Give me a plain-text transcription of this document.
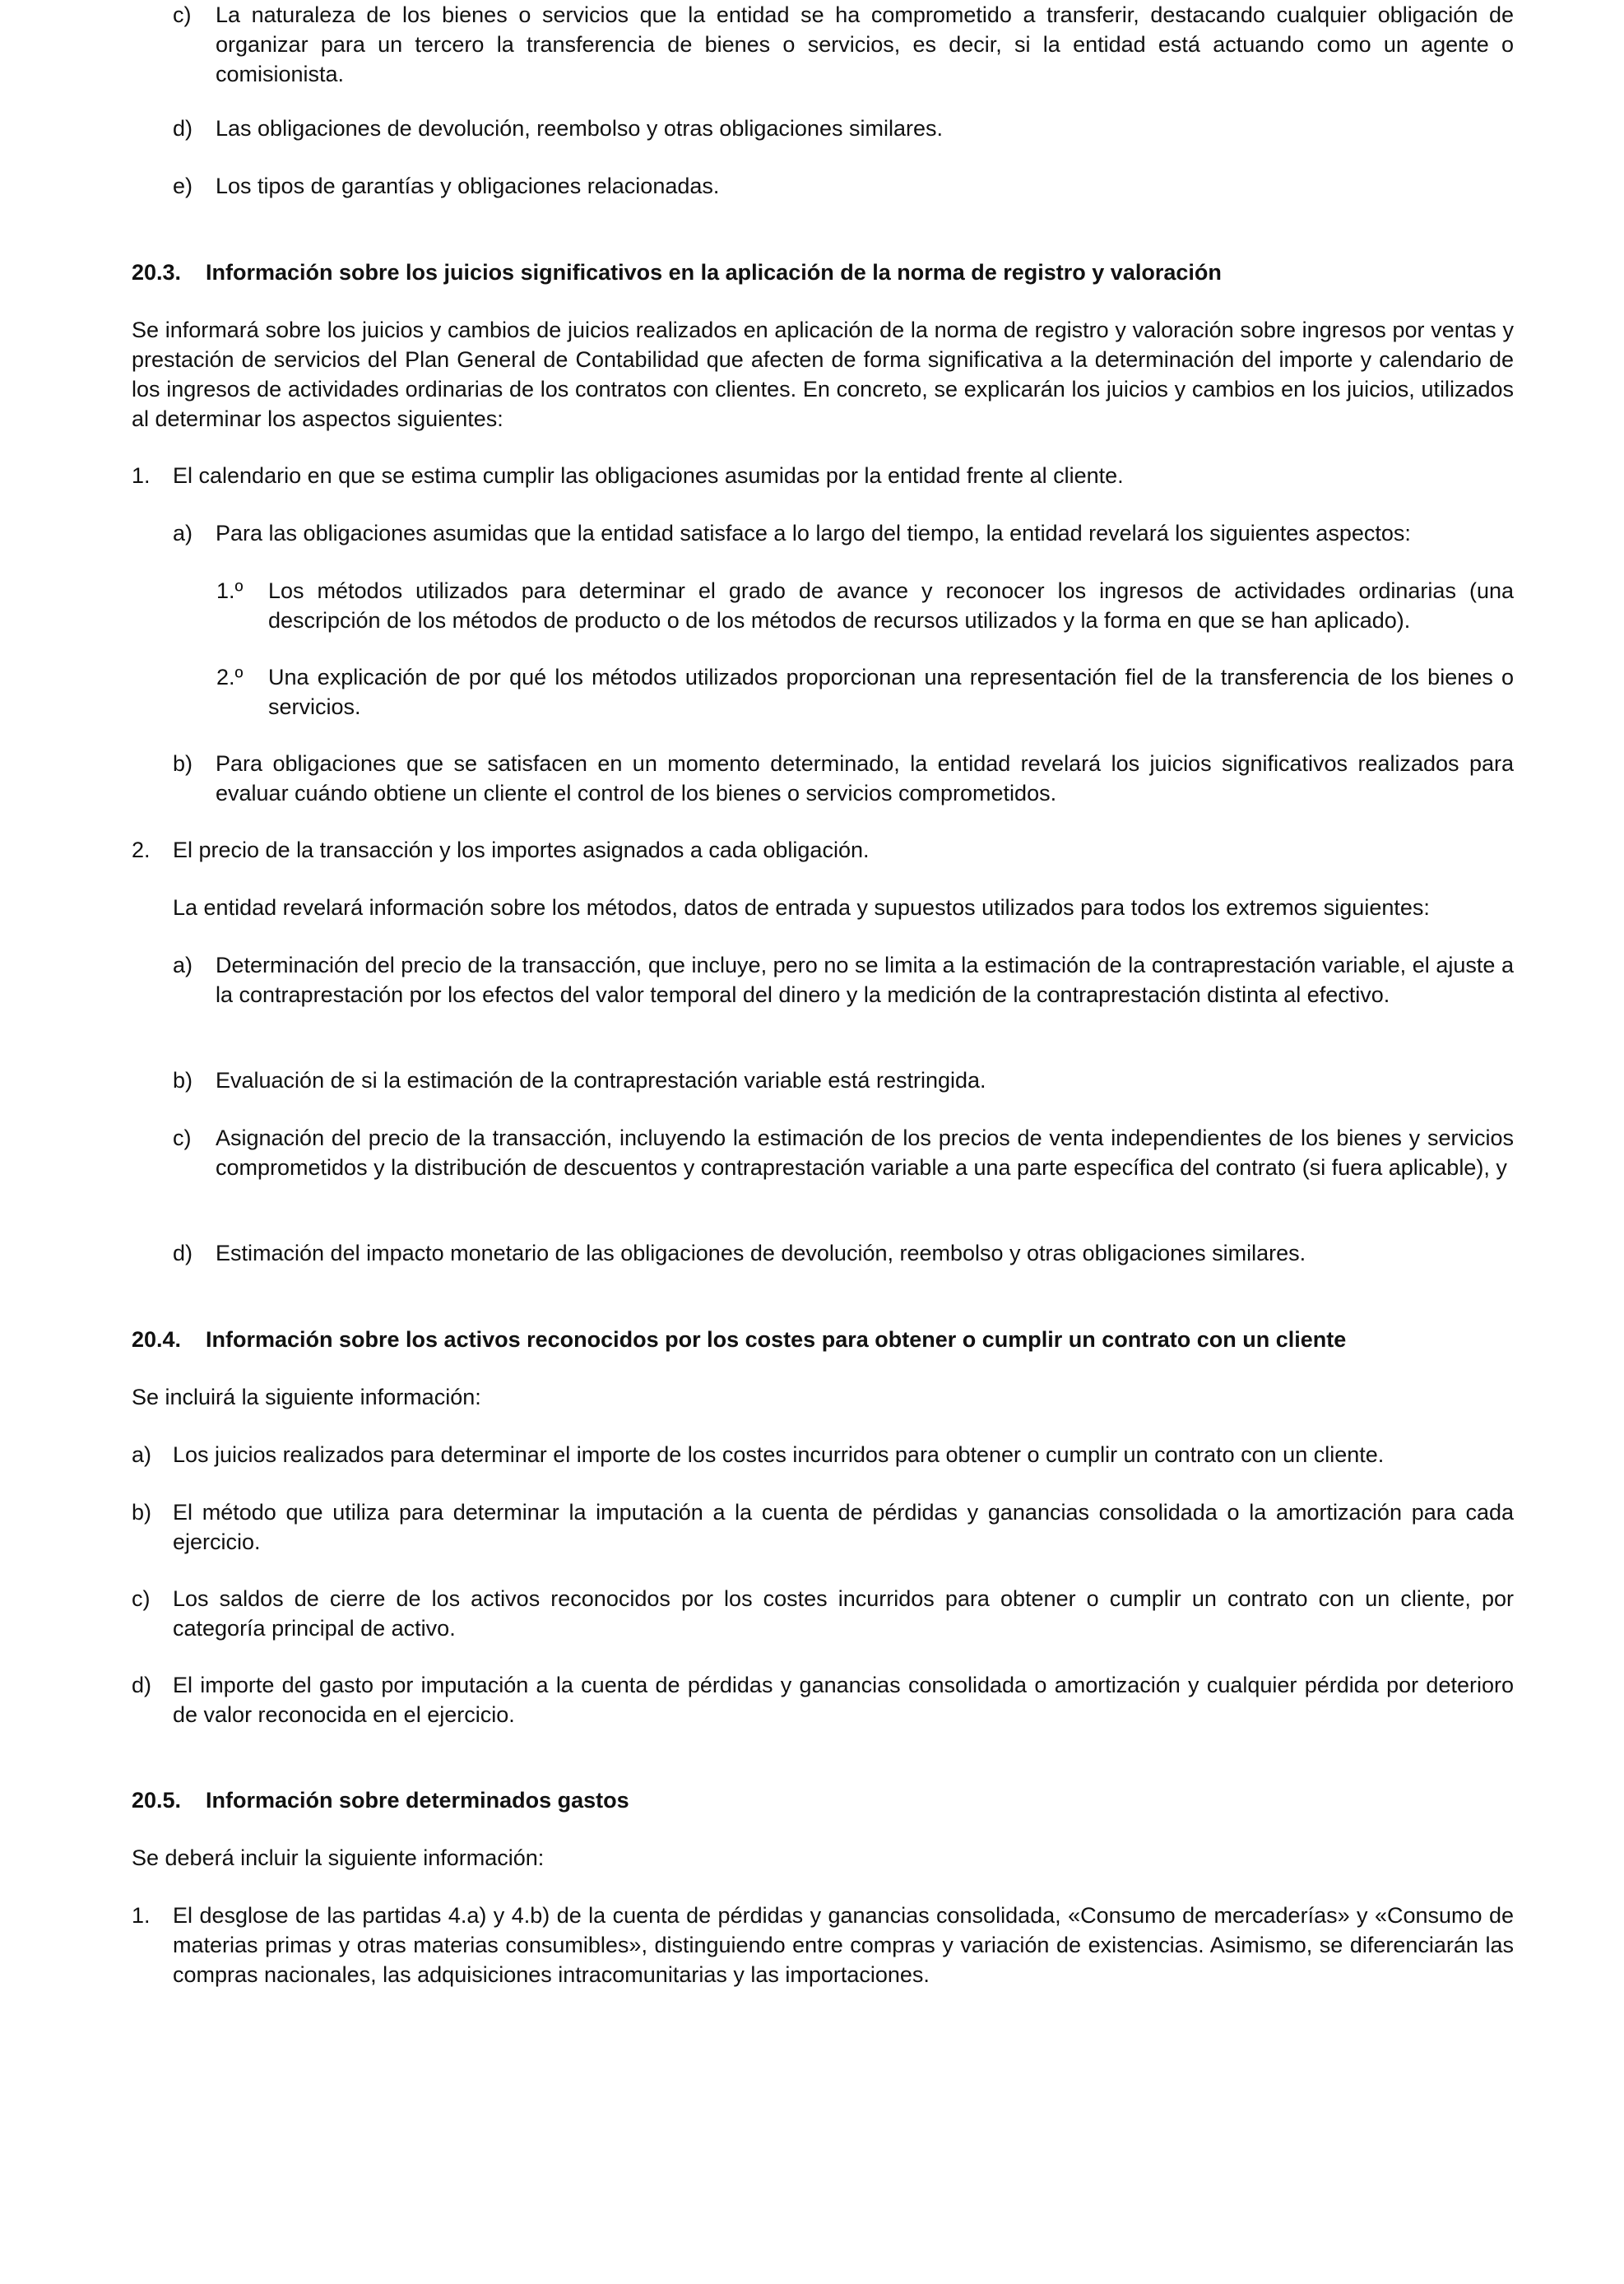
c)	La naturaleza de los bienes o servicios que la entidad se ha comprometido a transferir, destacando cualquier obligación de organizar para un tercero la transferencia de bienes o servicios, es decir, si la entidad está actuando como un agente o comisionista.
d)	Las obligaciones de devolución, reembolso y otras obligaciones similares.
e)	Los tipos de garantías y obligaciones relacionadas.
20.3.	Información sobre los juicios significativos en la aplicación de la norma de registro y valoración
Se informará sobre los juicios y cambios de juicios realizados en aplicación de la norma de registro y valoración sobre ingresos por ventas y prestación de servicios del Plan General de Contabilidad que afecten de forma significativa a la determinación del importe y calendario de los ingresos de actividades ordinarias de los contratos con clientes. En concreto, se explicarán los juicios y cambios en los juicios, utilizados al determinar los aspectos siguientes:
1.	El calendario en que se estima cumplir las obligaciones asumidas por la entidad frente al cliente.
a)	Para las obligaciones asumidas que la entidad satisface a lo largo del tiempo, la entidad revelará los siguientes aspectos:
1.º	Los métodos utilizados para determinar el grado de avance y reconocer los ingresos de actividades ordinarias (una descripción de los métodos de producto o de los métodos de recursos utilizados y la forma en que se han aplicado).
2.º	Una explicación de por qué los métodos utilizados proporcionan una representación fiel de la transferencia de los bienes o servicios.
b)	Para obligaciones que se satisfacen en un momento determinado, la entidad revelará los juicios significativos realizados para evaluar cuándo obtiene un cliente el control de los bienes o servicios comprometidos.
2.	El precio de la transacción y los importes asignados a cada obligación.
La entidad revelará información sobre los métodos, datos de entrada y supuestos utilizados para todos los extremos siguientes:
a)	Determinación del precio de la transacción, que incluye, pero no se limita a la estimación de la contraprestación variable, el ajuste a la contraprestación por los efectos del valor temporal del dinero y la medición de la contraprestación distinta al efectivo.
b)	Evaluación de si la estimación de la contraprestación variable está restringida.
c)	Asignación del precio de la transacción, incluyendo la estimación de los precios de venta independientes de los bienes y servicios comprometidos y la distribución de descuentos y contraprestación variable a una parte específica del contrato (si fuera aplicable), y
d)	Estimación del impacto monetario de las obligaciones de devolución, reembolso y otras obligaciones similares.
20.4.	Información sobre los activos reconocidos por los costes para obtener o cumplir un contrato con un cliente
Se incluirá la siguiente información:
a) Los juicios realizados para determinar el importe de los costes incurridos para obtener o cumplir un contrato con un cliente.
b) El método que utiliza para determinar la imputación a la cuenta de pérdidas y ganancias consolidada o la amortización para cada ejercicio.
c)	Los saldos de cierre de los activos reconocidos por los costes incurridos para obtener o cumplir un contrato con un cliente, por categoría principal de activo.
d) El importe del gasto por imputación a la cuenta de pérdidas y ganancias consolidada o amortización y cualquier pérdida por deterioro de valor reconocida en el ejercicio.
20.5.	Información sobre determinados gastos
Se deberá incluir la siguiente información:
1.	El desglose de las partidas 4.a) y 4.b) de la cuenta de pérdidas y ganancias consolidada, «Consumo de mercaderías» y «Consumo de materias primas y otras materias consumibles», distinguiendo entre compras y variación de existencias. Asimismo, se diferenciarán las compras nacionales, las adquisiciones intracomunitarias y las importaciones.
